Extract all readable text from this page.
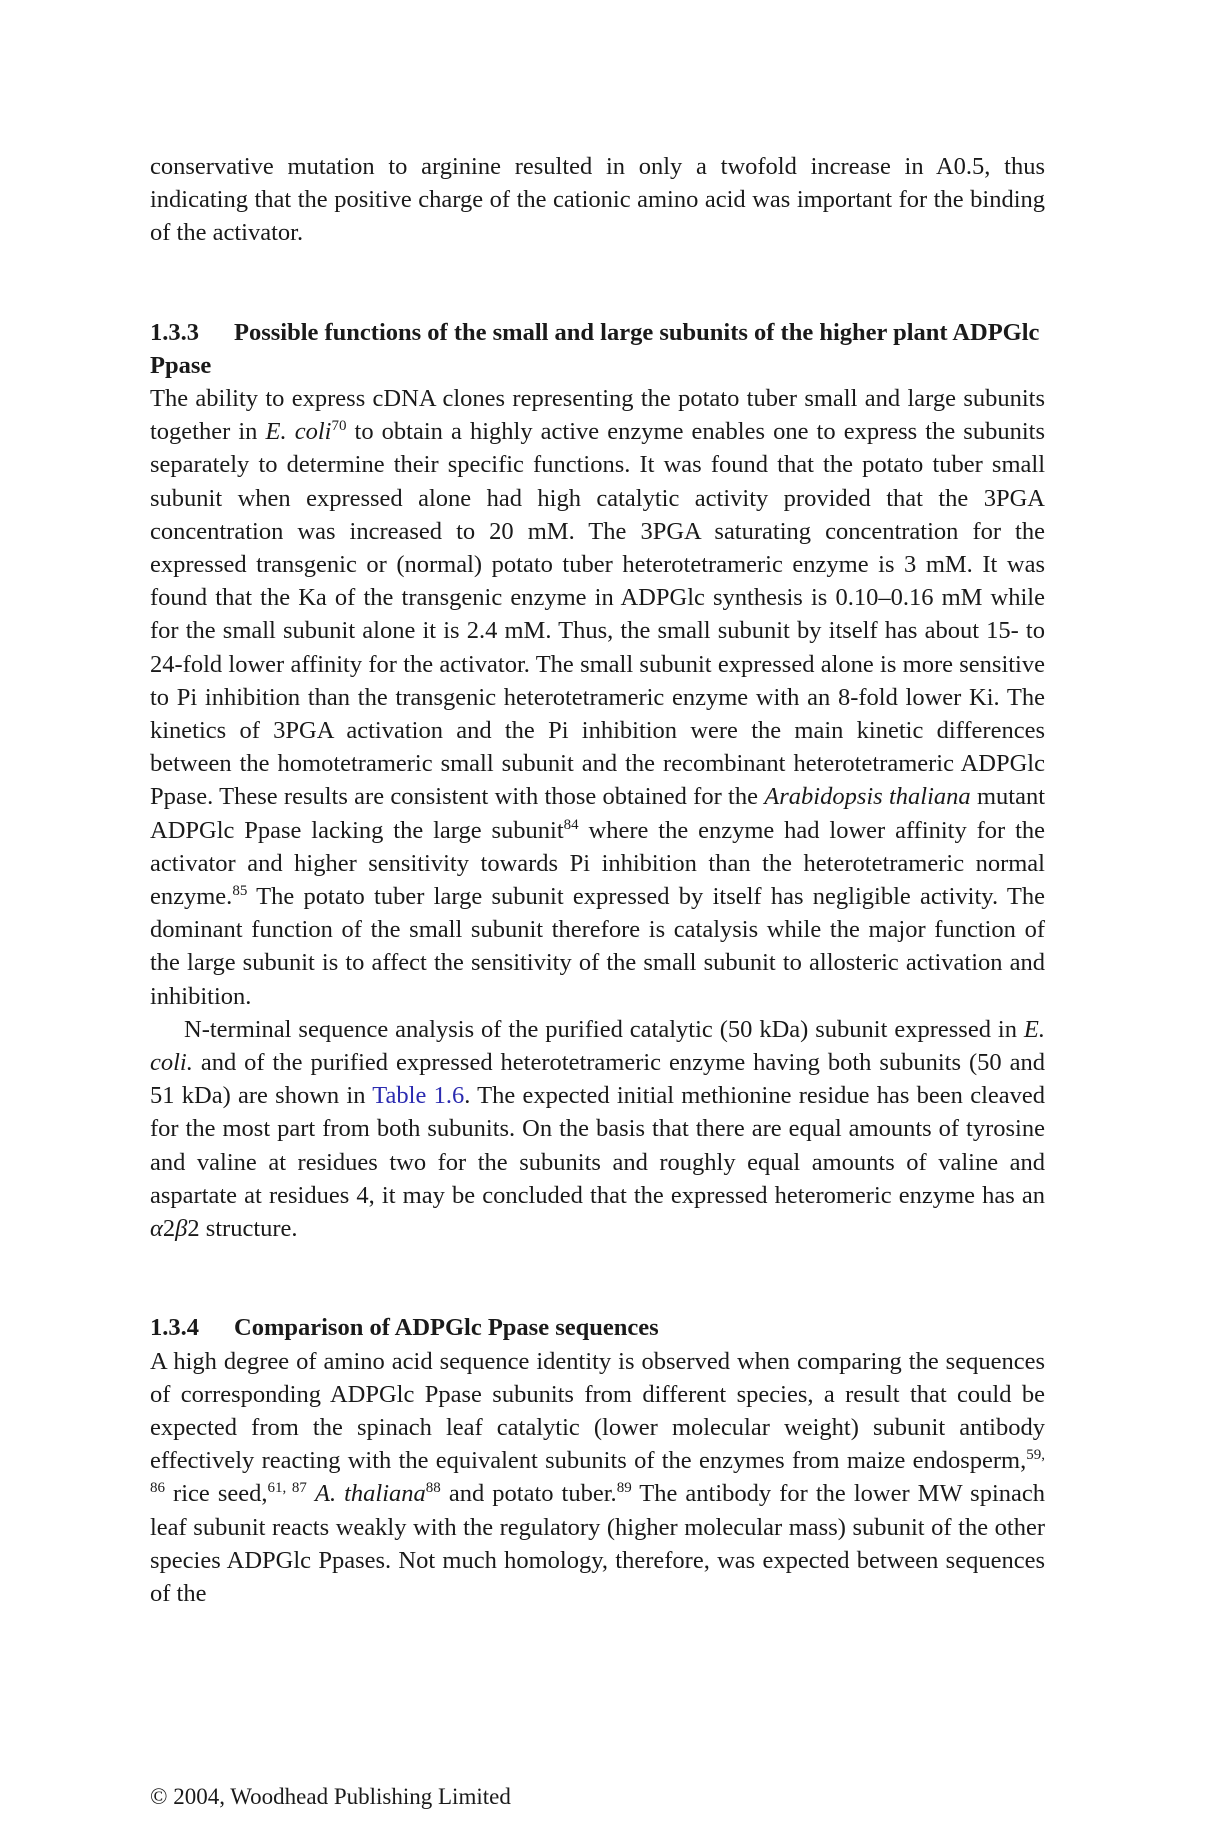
conservative mutation to arginine resulted in only a twofold increase in A0.5, thus indicating that the positive charge of the cationic amino acid was important for the binding of the activator.

1.3.3 Possible functions of the small and large subunits of the higher plant ADPGlc Ppase

The ability to express cDNA clones representing the potato tuber small and large subunits together in E. coli$^{70}$ to obtain a highly active enzyme enables one to express the subunits separately to determine their specific functions. It was found that the potato tuber small subunit when expressed alone had high catalytic activity provided that the 3PGA concentration was increased to 20 mM. The 3PGA saturating concentration for the expressed transgenic or (normal) potato tuber heterotetrameric enzyme is 3 mM. It was found that the Ka of the transgenic enzyme in ADPGlc synthesis is 0.10–0.16 mM while for the small subunit alone it is 2.4 mM. Thus, the small subunit by itself has about 15- to 24-fold lower affinity for the activator. The small subunit expressed alone is more sensitive to Pi inhibition than the transgenic heterotetrameric enzyme with an 8-fold lower Ki. The kinetics of 3PGA activation and the Pi inhibition were the main kinetic differences between the homotetrameric small subunit and the recombinant heterotetrameric ADPGlc Ppase. These results are consistent with those obtained for the Arabidopsis thaliana mutant ADPGlc Ppase lacking the large subunit$^{84}$ where the enzyme had lower affinity for the activator and higher sensitivity towards Pi inhibition than the heterotetrameric normal enzyme.$^{85}$ The potato tuber large subunit expressed by itself has negligible activity. The dominant function of the small subunit therefore is catalysis while the major function of the large subunit is to affect the sensitivity of the small subunit to allosteric activation and inhibition.

N-terminal sequence analysis of the purified catalytic (50 kDa) subunit expressed in E. coli. and of the purified expressed heterotetrameric enzyme having both subunits (50 and 51 kDa) are shown in Table 1.6. The expected initial methionine residue has been cleaved for the most part from both subunits. On the basis that there are equal amounts of tyrosine and valine at residues two for the subunits and roughly equal amounts of valine and aspartate at residues 4, it may be concluded that the expressed heteromeric enzyme has an α2β2 structure.

1.3.4 Comparison of ADPGlc Ppase sequences

A high degree of amino acid sequence identity is observed when comparing the sequences of corresponding ADPGlc Ppase subunits from different species, a result that could be expected from the spinach leaf catalytic (lower molecular weight) subunit antibody effectively reacting with the equivalent subunits of the enzymes from maize endosperm,$^{59, 86}$ rice seed,$^{61, 87}$ A. thaliana$^{88}$ and potato tuber.$^{89}$ The antibody for the lower MW spinach leaf subunit reacts weakly with the regulatory (higher molecular mass) subunit of the other species ADPGlc Ppases. Not much homology, therefore, was expected between sequences of the

© 2004, Woodhead Publishing Limited
